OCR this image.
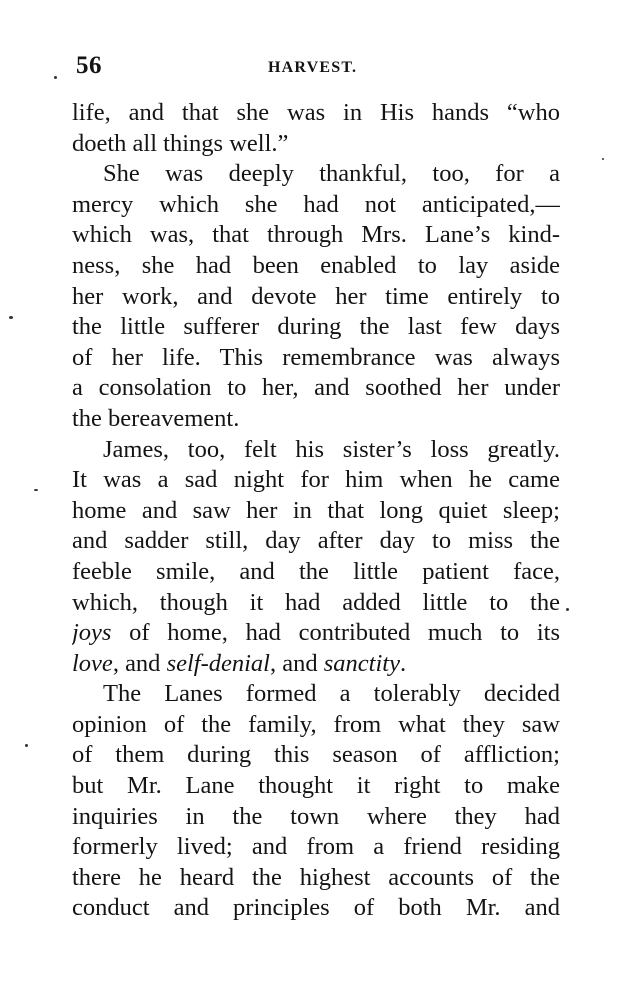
56	HARVEST.
life, and that she was in His hands “who
doeth all things well.”
She was deeply thankful, too, for a
mercy which she had not anticipated,—
which was, that through Mrs. Lane’s kind-
ness, she had been enabled to lay aside
her work, and devote her time entirely to
the little sufferer during the last few days
of her life. This remembrance was always
a consolation to her, and soothed her under
the bereavement.
James, too, felt his sister’s loss greatly.
It was a sad night for him when he came
home and saw her in that long quiet sleep;
and sadder still, day after day to miss the
feeble smile, and the little patient face,
which, though it had added little to the
joys of home, had contributed much to its
love, and self-denial, and sanctity.
The Lanes formed a tolerably decided
opinion of the family, from what they saw
of them during this season of affliction;
but Mr. Lane thought it right to make
inquiries in the town where they had
formerly lived; and from a friend residing
there he heard the highest accounts of the
conduct and principles of both Mr. and
